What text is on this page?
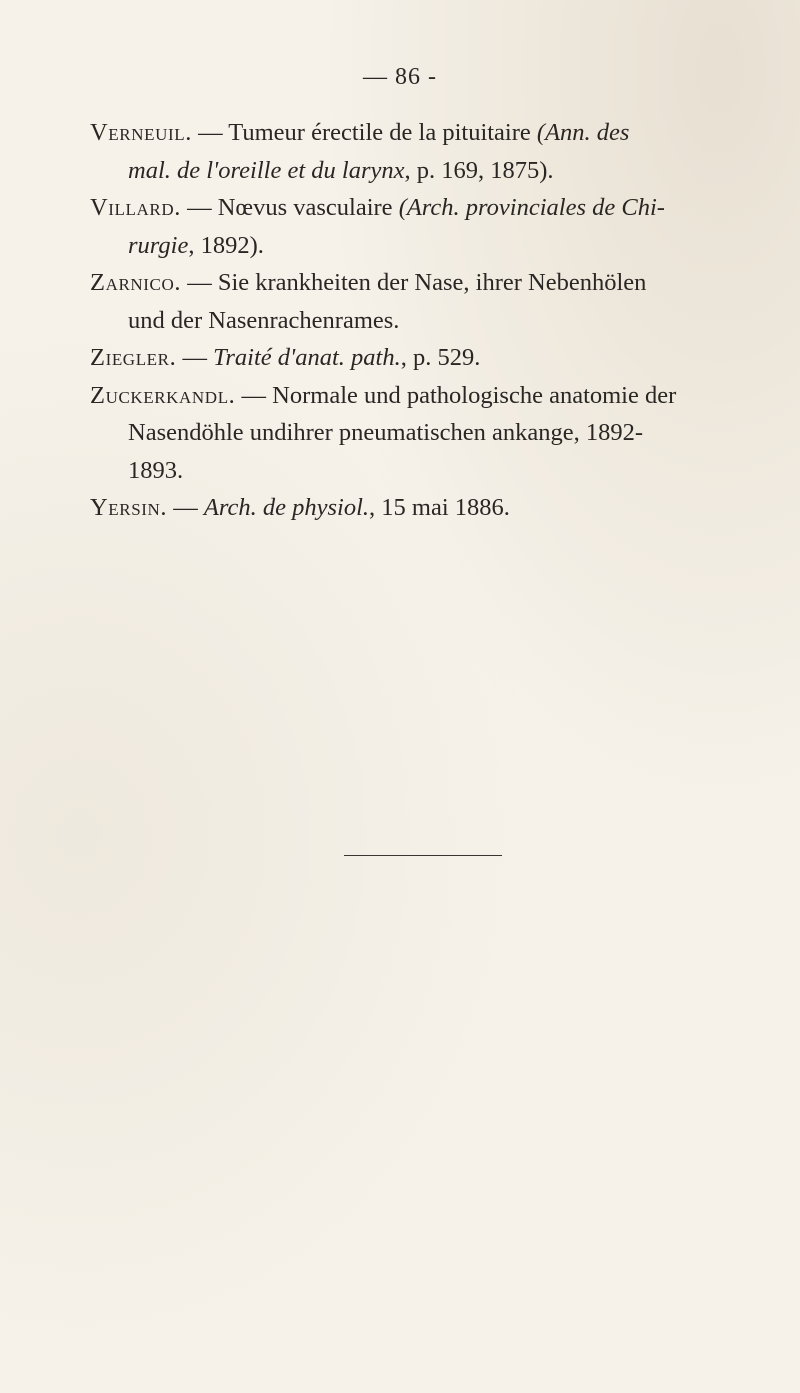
— 86 -
Verneuil. — Tumeur érectile de la pituitaire (Ann. des
mal. de l'oreille et du larynx, p. 169, 1875).
Villard. — Nœvus vasculaire (Arch. provinciales de Chi-
rurgie, 1892).
Zarnico. — Sie krankheiten der Nase, ihrer Nebenhölen
und der Nasenrachenrames.
Ziegler. — Traité d'anat. path., p. 529.
Zuckerkandl. — Normale und pathologische anatomie der
Nasendöhle undihrer pneumatischen ankange, 1892-
1893.
Yersin. — Arch. de physiol., 15 mai 1886.
